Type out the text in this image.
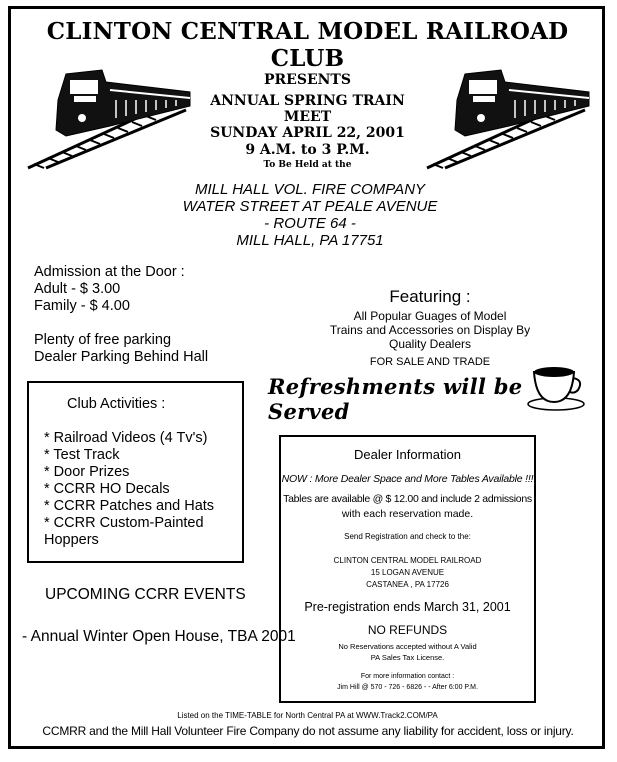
CLINTON CENTRAL MODEL RAILROAD CLUB
PRESENTS
ANNUAL SPRING TRAIN MEET
SUNDAY APRIL 22, 2001
9 A.M. to 3 P.M.
To Be Held at the
MILL HALL VOL. FIRE COMPANY
WATER STREET AT PEALE AVENUE
- ROUTE 64 -
MILL HALL, PA 17751
Admission at the Door :
Adult - $ 3.00
Family - $ 4.00
Plenty of free parking
Dealer Parking Behind Hall
Featuring :
All Popular Guages of Model
Trains and Accessories on Display By
Quality Dealers
FOR SALE AND TRADE
Refreshments will be Served
Club Activities :
* Railroad Videos (4 Tv's)
* Test Track
* Door Prizes
* CCRR HO Decals
* CCRR Patches and Hats
* CCRR Custom-Painted
Hoppers
UPCOMING CCRR EVENTS
- Annual Winter Open House, TBA 2001
Dealer Information
NOW : More Dealer Space and More Tables Available !!!
Tables are available @ $ 12.00 and include 2 admissions
with each reservation made.
Send Registration and check to the:
CLINTON CENTRAL MODEL RAILROAD
15 LOGAN AVENUE
CASTANEA , PA 17726
Pre-registration ends March 31, 2001
NO REFUNDS
No Reservations accepted without A Valid
PA Sales Tax License.
For more information contact :
Jim Hill @ 570 - 726 - 6826 - - After 6:00 P.M.
Listed on the TIME-TABLE for North Central PA at WWW.Track2.COM/PA
CCMRR and the Mill Hall Volunteer Fire Company do not assume any liability for accident, loss or injury.
